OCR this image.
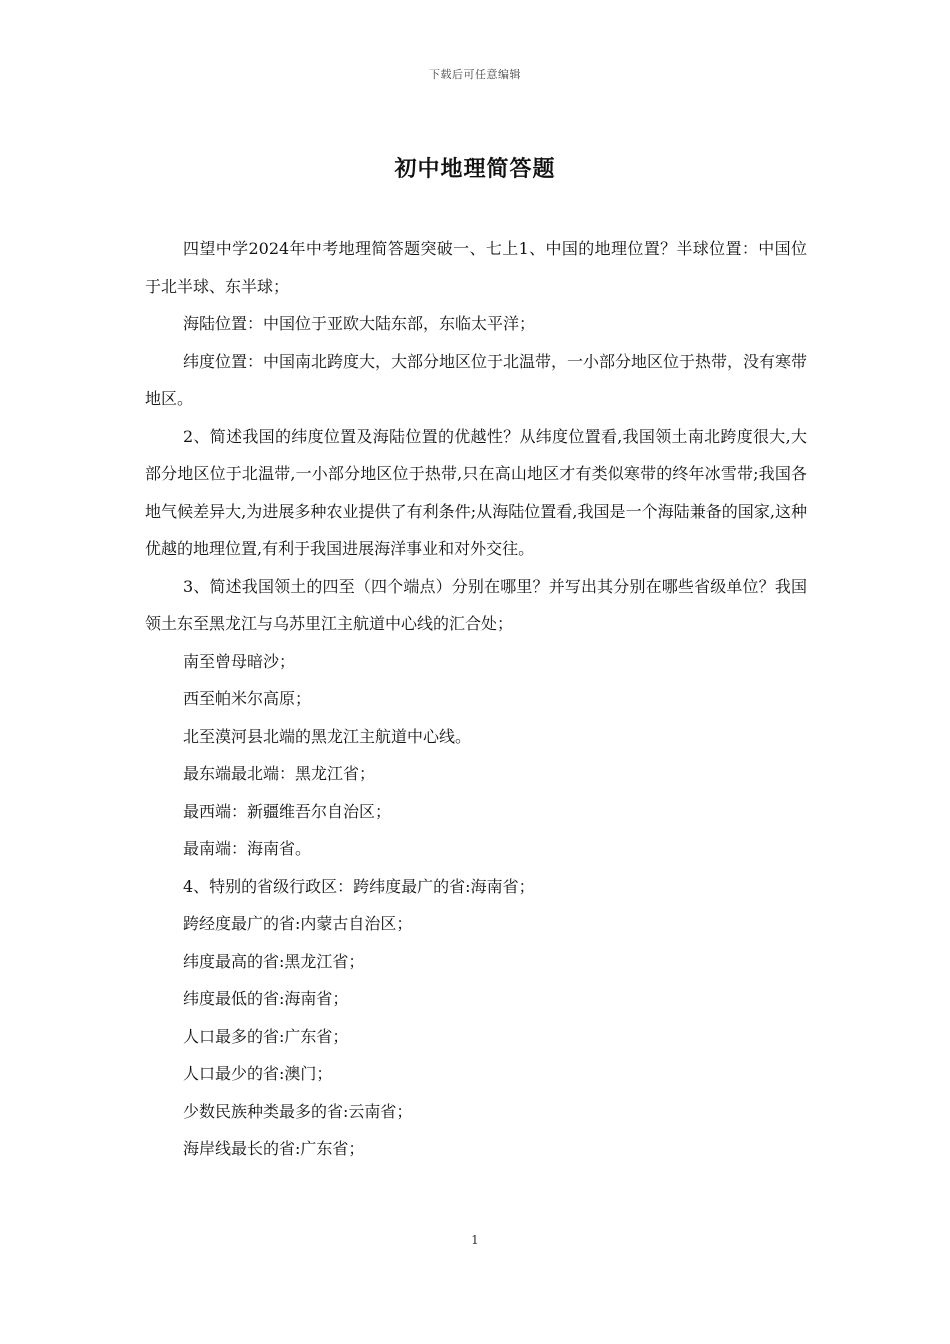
下载后可任意编辑
初中地理简答题

四望中学2024年中考地理简答题突破一、七上1、中国的地理位置？半球位置：中国位于北半球、东半球；

海陆位置：中国位于亚欧大陆东部，东临太平洋；

纬度位置：中国南北跨度大，大部分地区位于北温带，一小部分地区位于热带，没有寒带地区。

2、简述我国的纬度位置及海陆位置的优越性？从纬度位置看,我国领土南北跨度很大,大部分地区位于北温带,一小部分地区位于热带,只在高山地区才有类似寒带的终年冰雪带;我国各地气候差异大,为进展多种农业提供了有利条件;从海陆位置看,我国是一个海陆兼备的国家,这种优越的地理位置,有利于我国进展海洋事业和对外交往。

3、简述我国领土的四至（四个端点）分别在哪里？并写出其分别在哪些省级单位？我国领土东至黑龙江与乌苏里江主航道中心线的汇合处；

南至曾母暗沙；

西至帕米尔高原；

北至漠河县北端的黑龙江主航道中心线。

最东端最北端：黑龙江省；

最西端：新疆维吾尔自治区；

最南端：海南省。

4、特别的省级行政区：跨纬度最广的省:海南省；

跨经度最广的省:内蒙古自治区；

纬度最高的省:黑龙江省；

纬度最低的省:海南省；

人口最多的省:广东省；

人口最少的省:澳门；

少数民族种类最多的省:云南省；

海岸线最长的省:广东省；

1
